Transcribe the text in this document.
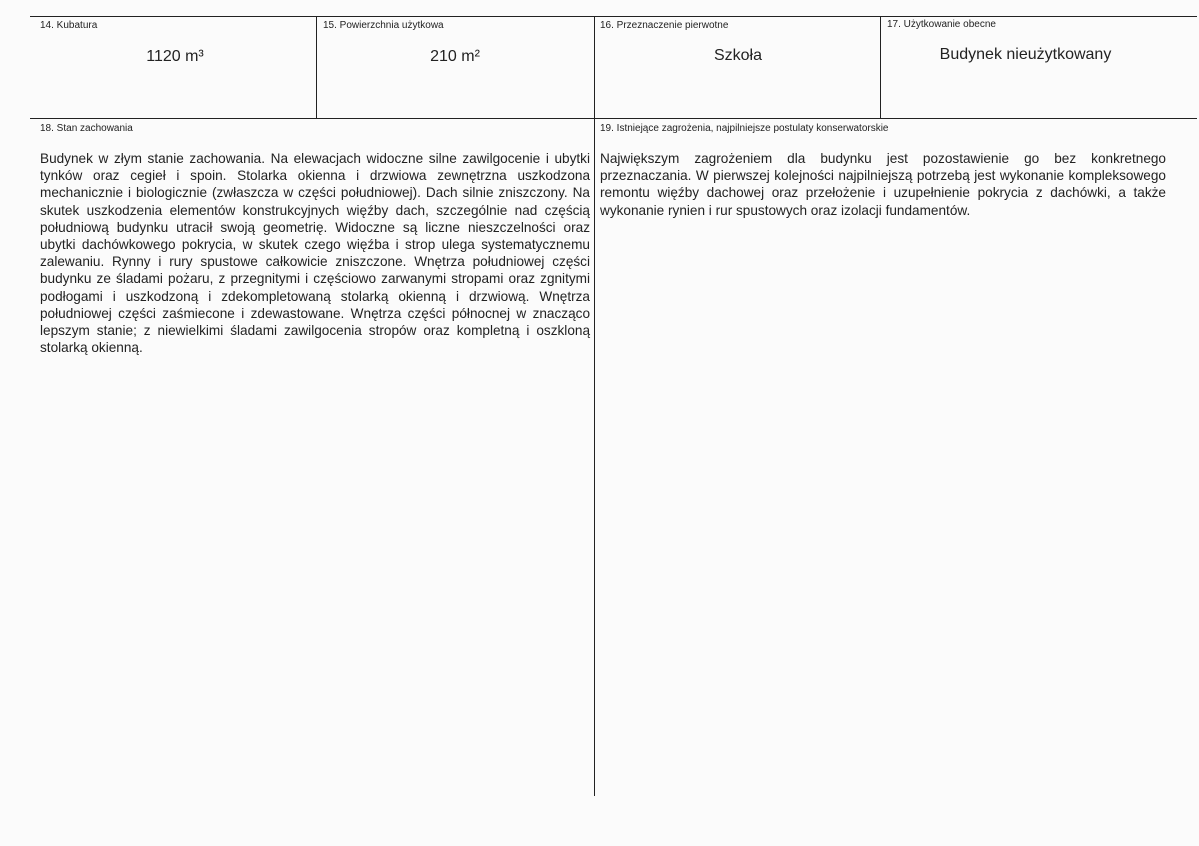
14. Kubatura
1120 m³
15. Powierzchnia użytkowa
210 m²
16. Przeznaczenie pierwotne
Szkoła
17. Użytkowanie obecne
Budynek nieużytkowany
18. Stan zachowania
Budynek w złym stanie zachowania. Na elewacjach widoczne silne zawilgocenie i ubytki tynków oraz cegieł i spoin. Stolarka okienna i drzwiowa zewnętrzna uszkodzona mechanicznie i biologicznie (zwłaszcza w części południowej). Dach silnie zniszczony. Na skutek uszkodzenia elementów konstrukcyjnych więźby dach, szczególnie nad częścią południową budynku utracił swoją geometrię. Widoczne są liczne nieszczelności oraz ubytki dachówkowego pokrycia, w skutek czego więźba i strop ulega systematycznemu zalewaniu. Rynny i rury spustowe całkowicie zniszczone. Wnętrza południowej części budynku ze śladami pożaru, z przegnitymi i częściowo zarwanymi stropami oraz zgnitymi podłogami i uszkodzoną i zdekompletowaną stolarką okienną i drzwiową. Wnętrza południowej części zaśmiecone i zdewastowane. Wnętrza części północnej w znacząco lepszym stanie; z niewielkimi śladami zawilgocenia stropów oraz kompletną i oszkloną stolarką okienną.
19. Istniejące zagrożenia, najpilniejsze postulaty konserwatorskie
Największym zagrożeniem dla budynku jest pozostawienie go bez konkretnego przeznaczania. W pierwszej kolejności najpilniejszą potrzebą jest wykonanie kompleksowego remontu więźby dachowej oraz przełożenie i uzupełnienie pokrycia z dachówki, a także wykonanie rynien i rur spustowych oraz izolacji fundamentów.
